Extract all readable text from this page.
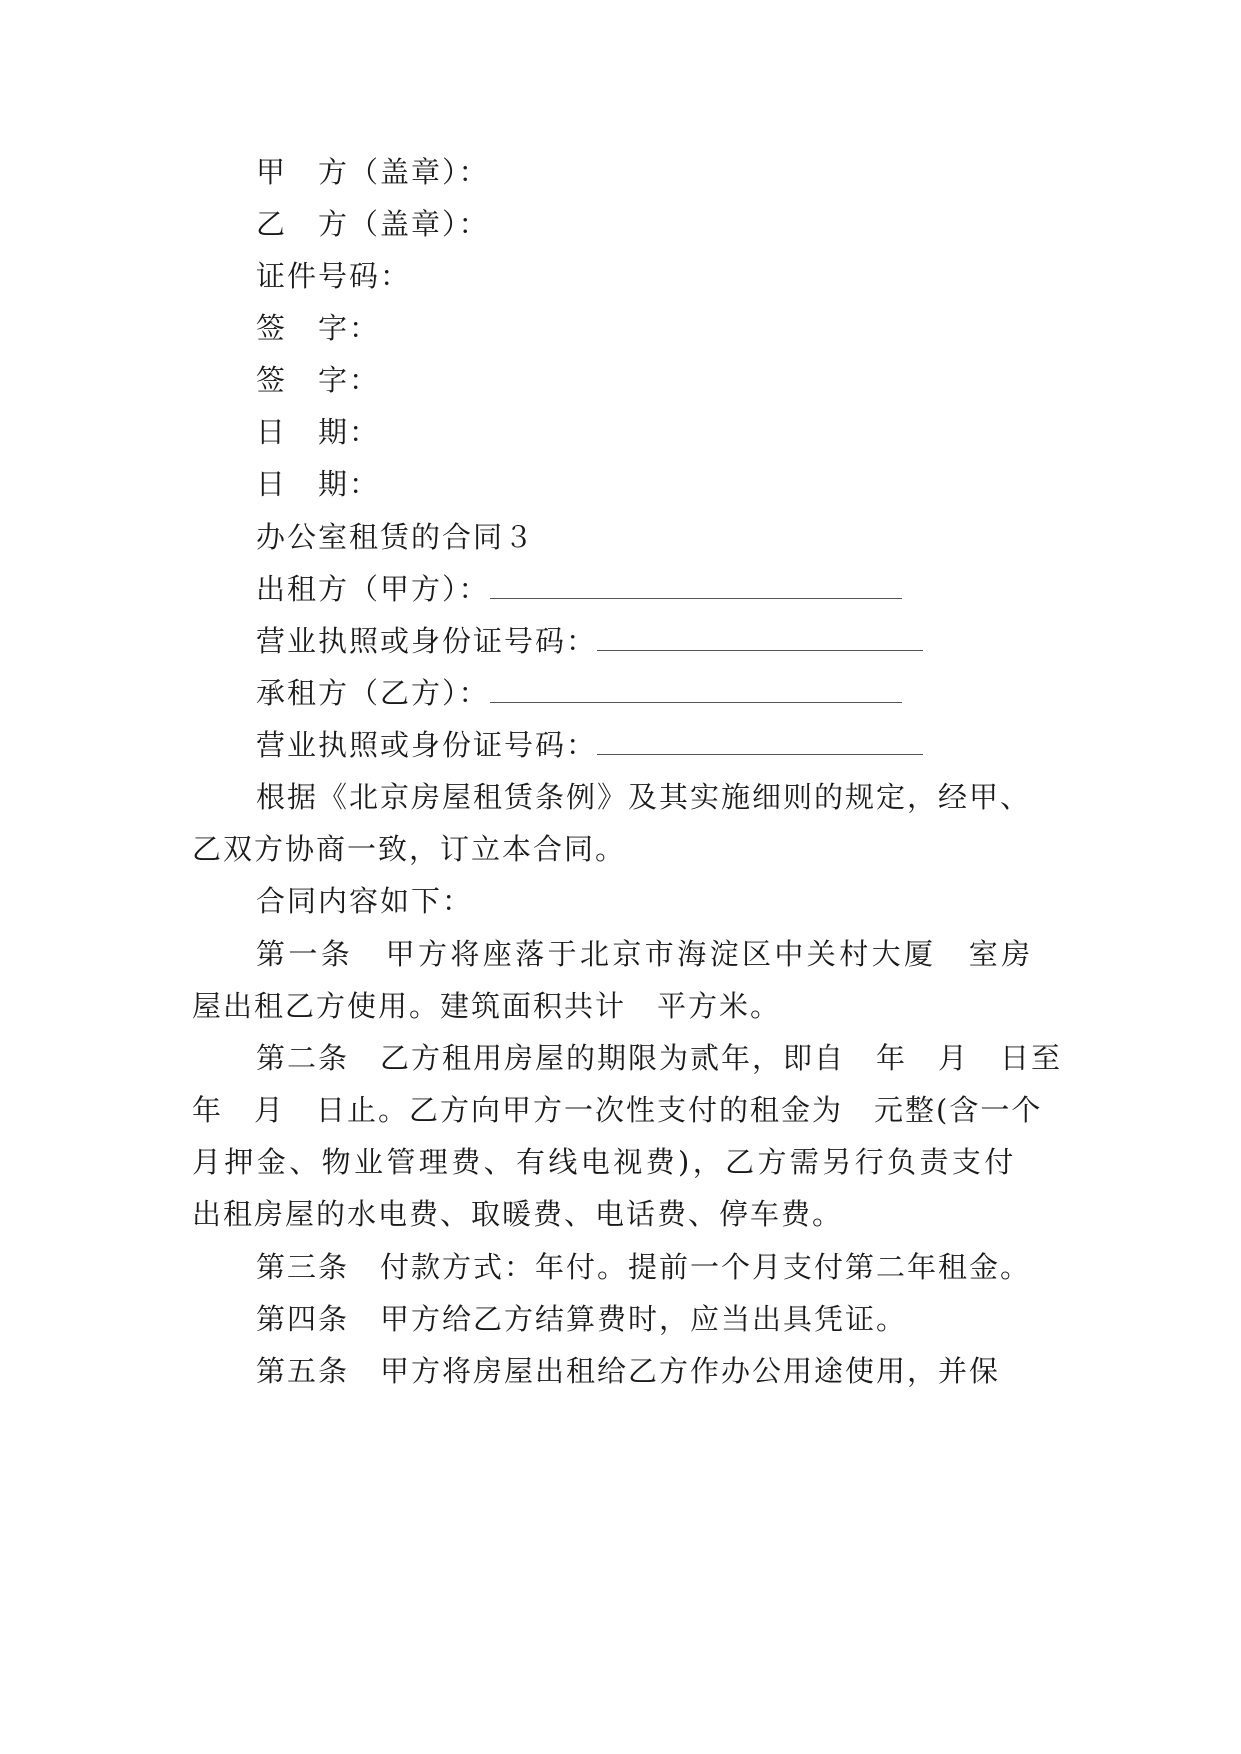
甲　方（盖章）：
乙　方（盖章）：
证件号码：
签　字：
签　字：
日　期：
日　期：
办公室租赁的合同３
出租方（甲方）：
营业执照或身份证号码：
承租方（乙方）：
营业执照或身份证号码：
根据《北京房屋租赁条例》及其实施细则的规定，经甲、
乙双方协商一致，订立本合同。
合同内容如下：
第一条　甲方将座落于北京市海淀区中关村大厦　室房
屋出租乙方使用。建筑面积共计　平方米。
第二条　乙方租用房屋的期限为贰年，即自　年　月　日至
年　月　日止。乙方向甲方一次性支付的租金为　元整(含一个
月押金、物业管理费、有线电视费)，乙方需另行负责支付
出租房屋的水电费、取暖费、电话费、停车费。
第三条　付款方式：年付。提前一个月支付第二年租金。
第四条　甲方给乙方结算费时，应当出具凭证。
第五条　甲方将房屋出租给乙方作办公用途使用，并保
